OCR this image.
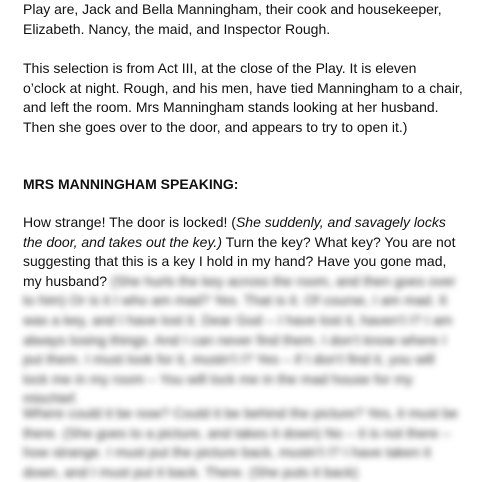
Play are, Jack and Bella Manningham, their cook and housekeeper, Elizabeth. Nancy, the maid, and Inspector Rough.

This selection is from Act III, at the close of the Play. It is eleven o’clock at night. Rough, and his men, have tied Manningham to a chair, and left the room. Mrs Manningham stands looking at her husband. Then she goes over to the door, and appears to try to open it.)

MRS MANNINGHAM SPEAKING:

How strange! The door is locked! (She suddenly, and savagely locks the door, and takes out the key.) Turn the key? What key? You are not suggesting that this is a key I hold in my hand? Have you gone mad, my husband? (She hurls the key across the room, and then goes over to him) Or is it I who am mad? Yes. That is it. Of course, I am mad. It was a key, and I have lost it. Dear God – I have lost it, haven’t I? I am always losing things. And I can never find them. I don’t know where I put them. I must look for it, mustn’t I? Yes – if I don’t find it, you will lock me in my room – You will lock me in the mad house for my mischief.

Where could it be now? Could it be behind the picture? Yes, it must be there. (She goes to a picture, and takes it down) No – it is not there – how strange. I must put the picture back, mustn’t I? I have taken it down, and I must put it back. There. (She puts it back)
